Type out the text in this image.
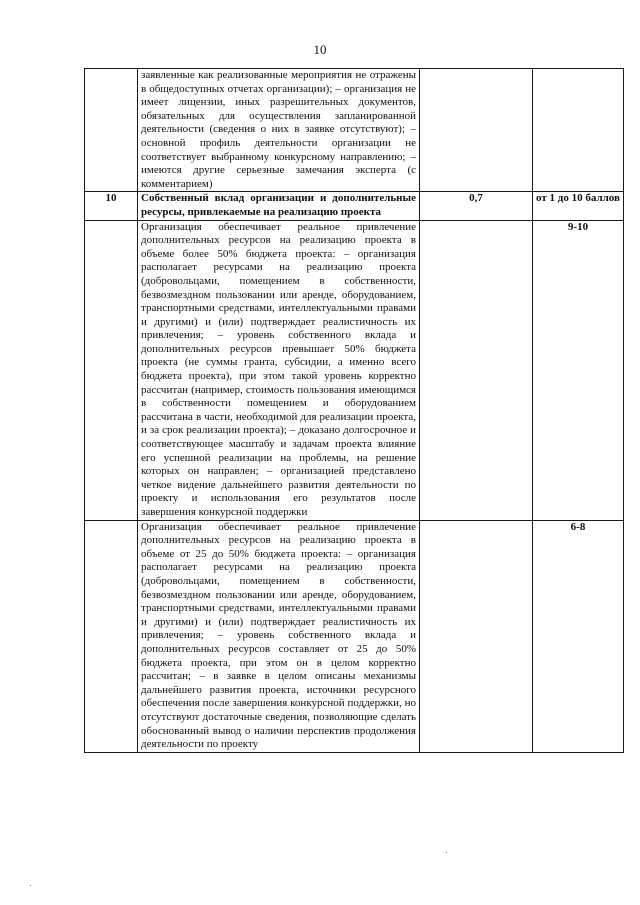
10
	заявленные как реализованные мероприятия не отражены в общедоступных отчетах организации); – организация не имеет лицензии, иных разрешительных документов, обязательных для осуществления запланированной деятельности (сведения о них в заявке отсутствуют); – основной профиль деятельности организации не соответствует выбранному конкурсному направлению; – имеются другие серьезные замечания эксперта (с комментарием)		
10	Собственный вклад организации и дополнительные ресурсы, привлекаемые на реализацию проекта	0,7	от 1 до 10 баллов
	Организация обеспечивает реальное привлечение дополнительных ресурсов на реализацию проекта в объеме более 50% бюджета проекта: – организация располагает ресурсами на реализацию проекта (добровольцами, помещением в собственности, безвозмездном пользовании или аренде, оборудованием, транспортными средствами, интеллектуальными правами и другими) и (или) подтверждает реалистичность их привлечения; – уровень собственного вклада и дополнительных ресурсов превышает 50% бюджета проекта (не суммы гранта, субсидии, а именно всего бюджета проекта), при этом такой уровень корректно рассчитан (например, стоимость пользования имеющимся в собственности помещением и оборудованием рассчитана в части, необходимой для реализации проекта, и за срок реализации проекта); – доказано долгосрочное и соответствующее масштабу и задачам проекта влияние его успешной реализации на проблемы, на решение которых он направлен; – организацией представлено четкое видение дальнейшего развития деятельности по проекту и использования его результатов после завершения конкурсной поддержки		9-10
	Организация обеспечивает реальное привлечение дополнительных ресурсов на реализацию проекта в объеме от 25 до 50% бюджета проекта: – организация располагает ресурсами на реализацию проекта (добровольцами, помещением в собственности, безвозмездном пользовании или аренде, оборудованием, транспортными средствами, интеллектуальными правами и другими) и (или) подтверждает реалистичность их привлечения; – уровень собственного вклада и дополнительных ресурсов составляет от 25 до 50% бюджета проекта, при этом он в целом корректно рассчитан; – в заявке в целом описаны механизмы дальнейшего развития проекта, источники ресурсного обеспечения после завершения конкурсной поддержки, но отсутствуют достаточные сведения, позволяющие сделать обоснованный вывод о наличии перспектив продолжения деятельности по проекту		6-8
